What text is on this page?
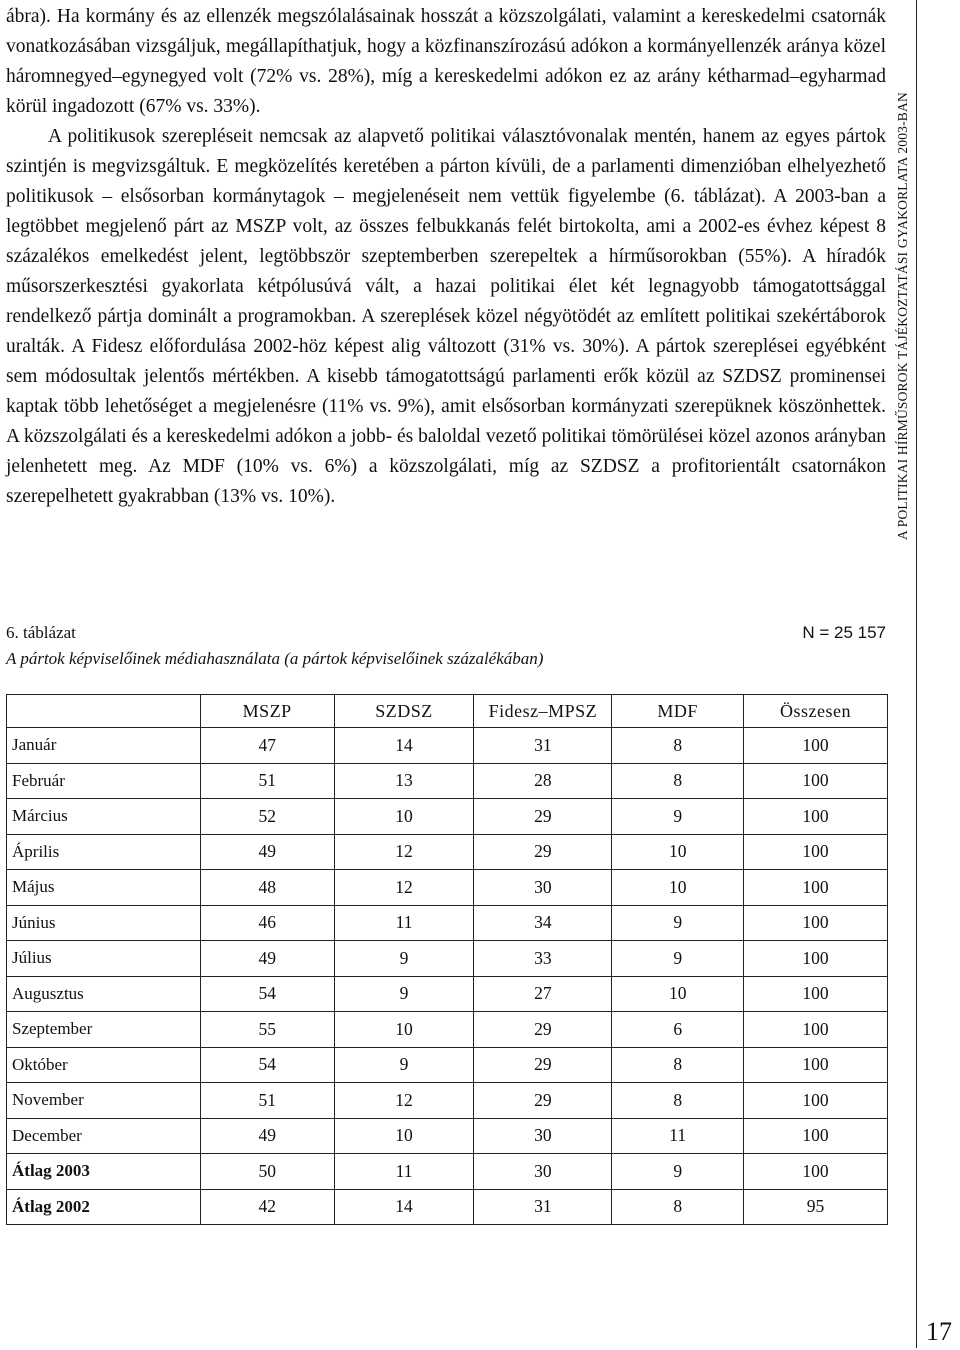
ábra). Ha kormány és az ellenzék megszólalásainak hosszát a közszolgálati, valamint a kereskedelmi csatornák vonatkozásában vizsgáljuk, megállapíthatjuk, hogy a közfinanszírozású adókon a kormányellenzék aránya közel háromnegyed–egynegyed volt (72% vs. 28%), míg a kereskedelmi adókon ez az arány kétharmad–egyharmad körül ingadozott (67% vs. 33%).

A politikusok szerepléseit nemcsak az alapvető politikai választóvonalak mentén, hanem az egyes pártok szintjén is megvizsgáltuk. E megközelítés keretében a párton kívüli, de a parlamenti dimenzióban elhelyezhető politikusok – elsősorban kormánytagok – megjelenéseit nem vettük figyelembe (6. táblázat). A 2003-ban a legtöbbet megjelenő párt az MSZP volt, az összes felbukkanás felét birtokolta, ami a 2002-es évhez képest 8 százalékos emelkedést jelent, legtöbbször szeptemberben szerepeltek a hírműsorokban (55%). A híradók műsorszerkesztési gyakorlata kétpólusúvá vált, a hazai politikai élet két legnagyobb támogatottsággal rendelkező pártja dominált a programokban. A szereplések közel négyötödét az említett politikai szekértáborok uralták. A Fidesz előfordulása 2002-höz képest alig változott (31% vs. 30%). A pártok szereplései egyébként sem módosultak jelentős mértékben. A kisebb támogatottságú parlamenti erők közül az SZDSZ prominensei kaptak több lehetőséget a megjelenésre (11% vs. 9%), amit elsősorban kormányzati szerepüknek köszönhettek. A közszolgálati és a kereskedelmi adókon a jobb- és baloldal vezető politikai tömörülései közel azonos arányban jelenhetett meg. Az MDF (10% vs. 6%) a közszolgálati, míg az SZDSZ a profitorientált csatornákon szerepelhetett gyakrabban (13% vs. 10%).	A POLITIKAI HÍRMŰSOROK TÁJÉKOZTATÁSI GYAKORLATA 2003-BAN
17
6. táblázat	N = 25 157
A pártok képviselőinek médiahasználata (a pártok képviselőinek százalékában)
	MSZP	SZDSZ	Fidesz–MPSZ	MDF	Összesen
Január	47	14	31	8	100
Február	51	13	28	8	100
Március	52	10	29	9	100
Április	49	12	29	10	100
Május	48	12	30	10	100
Június	46	11	34	9	100
Július	49	9	33	9	100
Augusztus	54	9	27	10	100
Szeptember	55	10	29	6	100
Október	54	9	29	8	100
November	51	12	29	8	100
December	49	10	30	11	100
Átlag 2003	50	11	30	9	100
Átlag 2002	42	14	31	8	95
